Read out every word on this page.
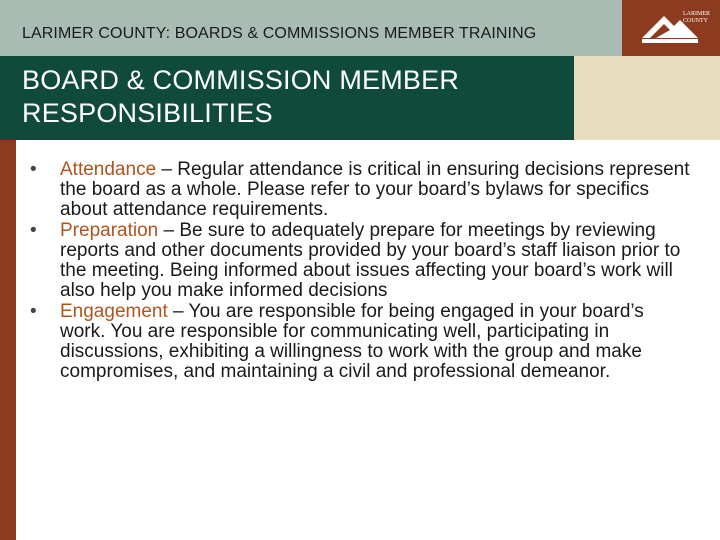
LARIMER COUNTY: BOARDS & COMMISSIONS MEMBER TRAINING
LARIMER COUNTY
BOARD & COMMISSION MEMBER RESPONSIBILITIES
•	Attendance – Regular attendance is critical in ensuring decisions represent the board as a whole. Please refer to your board’s bylaws for specifics about attendance requirements.
•	Preparation – Be sure to adequately prepare for meetings by reviewing reports and other documents provided by your board’s staff liaison prior to the meeting. Being informed about issues affecting your board’s work will also help you make informed decisions
•	Engagement – You are responsible for being engaged in your board’s work. You are responsible for communicating well, participating in discussions, exhibiting a willingness to work with the group and make compromises, and maintaining a civil and professional demeanor.
